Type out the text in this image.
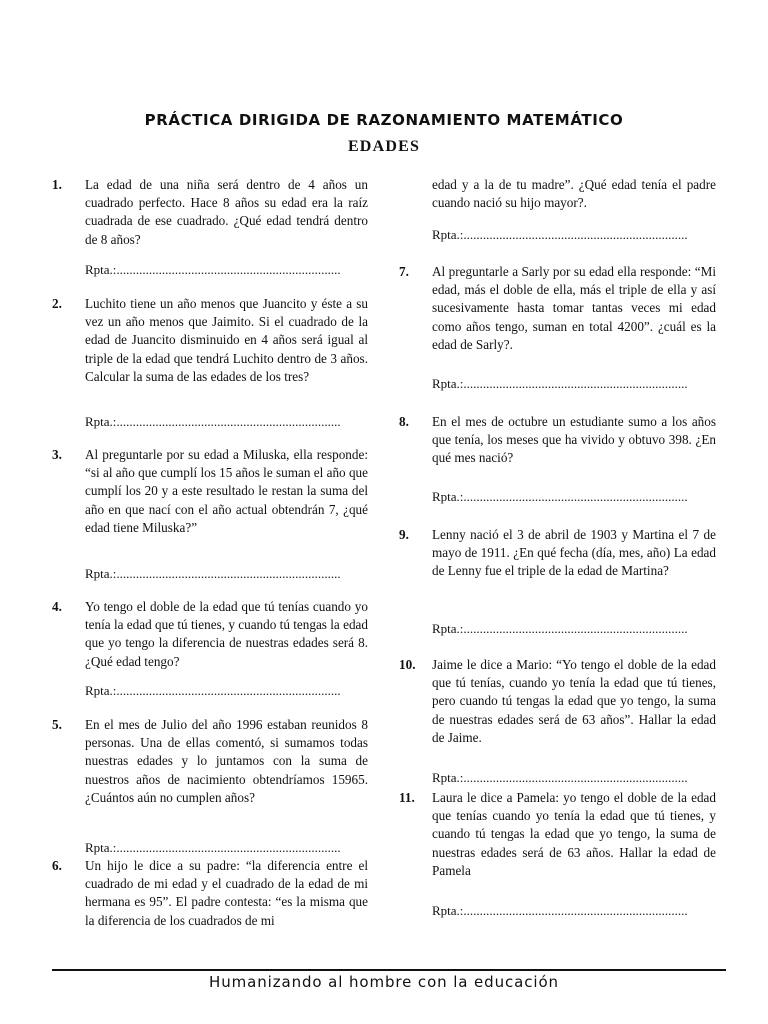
PRÁCTICA DIRIGIDA DE RAZONAMIENTO MATEMÁTICO
EDADES
1. La edad de una niña será dentro de 4 años un cuadrado perfecto. Hace 8 años su edad era la raíz cuadrada de ese cuadrado. ¿Qué edad tendrá dentro de 8 años?
Rpta.:.....................................................................
2. Luchito tiene un año menos que Juancito y éste a su vez un año menos que Jaimito. Si el cuadrado de la edad de Juancito disminuido en 4 años será igual al triple de la edad que tendrá Luchito dentro de 3 años. Calcular la suma de las edades de los tres?
Rpta.:.....................................................................
3. Al preguntarle por su edad a Miluska, ella responde: “si al año que cumplí los 15 años le suman el año que cumplí los 20 y a este resultado le restan la suma del año en que nací con el año actual obtendrán 7, ¿qué edad tiene Miluska?”
Rpta.:.....................................................................
4. Yo tengo el doble de la edad que tú tenías cuando yo tenía la edad que tú tienes, y cuando tú tengas la edad que yo tengo la diferencia de nuestras edades será 8. ¿Qué edad tengo?
Rpta.:.....................................................................
5. En el mes de Julio del año 1996 estaban reunidos 8 personas. Una de ellas comentó, si sumamos todas nuestras edades y lo juntamos con la suma de nuestros años de nacimiento obtendríamos 15965. ¿Cuántos aún no cumplen años?
Rpta.:.....................................................................
6. Un hijo le dice a su padre: “la diferencia entre el cuadrado de mi edad y el cuadrado de la edad de mi hermana es 95”. El padre contesta: “es la misma que la diferencia de los cuadrados de mi
edad y a la de tu madre”. ¿Qué edad tenía el padre cuando nació su hijo mayor?.
Rpta.:.....................................................................
7. Al preguntarle a Sarly por su edad ella responde: “Mi edad, más el doble de ella, más el triple de ella y así sucesivamente hasta tomar tantas veces mi edad como años tengo, suman en total 4200”. ¿cuál es la edad de Sarly?.
Rpta.:.....................................................................
8. En el mes de octubre un estudiante sumo a los años que tenía, los meses que ha vivido y obtuvo 398. ¿En qué mes nació?
Rpta.:.....................................................................
9. Lenny nació el 3 de abril de 1903 y Martina el 7 de mayo de 1911. ¿En qué fecha (día, mes, año) La edad de Lenny fue el triple de la edad de Martina?
Rpta.:.....................................................................
10. Jaime le dice a Mario: “Yo tengo el doble de la edad que tú tenías, cuando yo tenía la edad que tú tienes, pero cuando tú tengas la edad que yo tengo, la suma de nuestras edades será de 63 años”. Hallar la edad de Jaime.
Rpta.:.....................................................................
11. Laura le dice a Pamela: yo tengo el doble de la edad que tenías cuando yo tenía la edad que tú tienes, y cuando tú tengas la edad que yo tengo, la suma de nuestras edades será de 63 años. Hallar la edad de Pamela
Rpta.:.....................................................................
Humanizando al hombre con la educación
